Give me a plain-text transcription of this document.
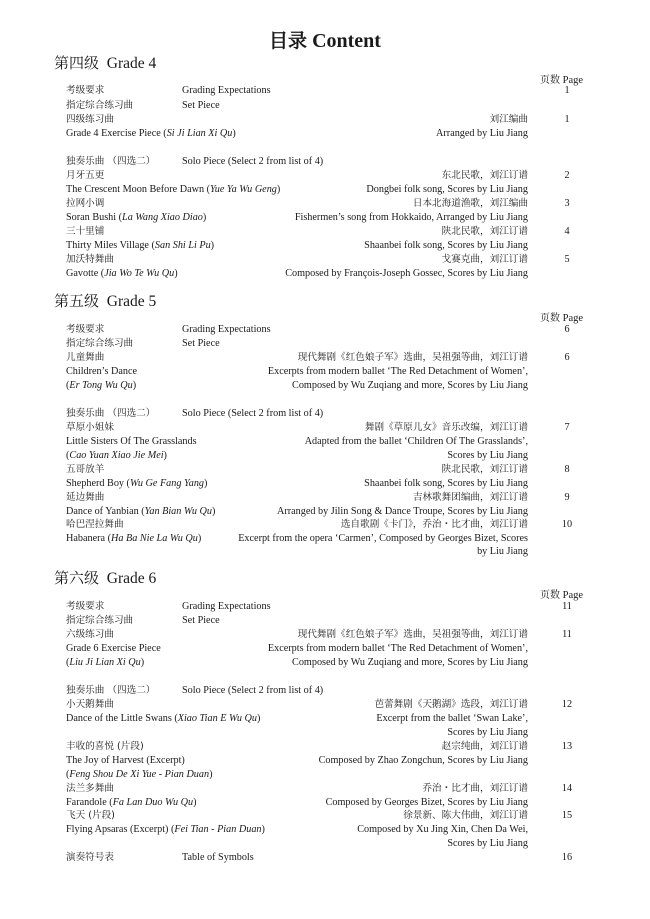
目录 Content
第四级 Grade 4
页数 Page
考级要求	Grading Expectations	1
指定综合练习曲	Set Piece
四级练习曲	刘江编曲	1
Grade 4 Exercise Piece (Si Ji Lian Xi Qu)	Arranged by Liu Jiang
独奏乐曲 （四选二）	Solo Piece (Select 2 from list of 4)
月牙五更	东北民歌，刘江订谱	2
The Crescent Moon Before Dawn (Yue Ya Wu Geng)	Dongbei folk song, Scores by Liu Jiang
拉网小调	日本北海道渔歌，刘江编曲	3
Soran Bushi (La Wang Xiao Diao)	Fishermen’s song from Hokkaido, Arranged by Liu Jiang
三十里铺	陕北民歌，刘江订谱	4
Thirty Miles Village (San Shi Li Pu)	Shaanbei folk song, Scores by Liu Jiang
加沃特舞曲	戈赛克曲，刘江订谱	5
Gavotte (Jia Wo Te Wu Qu)	Composed by François-Joseph Gossec, Scores by Liu Jiang
第五级 Grade 5
页数 Page
考级要求	Grading Expectations	6
指定综合练习曲	Set Piece
儿童舞曲	现代舞剧《红色娘子军》选曲，吴祖强等曲，刘江订谱	6
Children’s Dance	Excerpts from modern ballet ‘The Red Detachment of Women’,
(Er Tong Wu Qu)	Composed by Wu Zuqiang and more, Scores by Liu Jiang
独奏乐曲 （四选二）	Solo Piece (Select 2 from list of 4)
草原小姐妹	舞剧《草原儿女》音乐改编，刘江订谱	7
Little Sisters Of The Grasslands	Adapted from the ballet ‘Children Of The Grasslands’,
(Cao Yuan Xiao Jie Mei)	Scores by Liu Jiang
五哥放羊	陕北民歌，刘江订谱	8
Shepherd Boy (Wu Ge Fang Yang)	Shaanbei folk song, Scores by Liu Jiang
延边舞曲	吉林歌舞团编曲，刘江订谱	9
Dance of Yanbian (Yan Bian Wu Qu)	Arranged by Jilin Song & Dance Troupe, Scores by Liu Jiang
哈巴涅拉舞曲	选自歌剧《卡门》，乔治・比才曲，刘江订谱	10
Habanera (Ha Ba Nie La Wu Qu)	Excerpt from the opera ‘Carmen’, Composed by Georges Bizet, Scores
by Liu Jiang
第六级 Grade 6
页数 Page
考级要求	Grading Expectations	11
指定综合练习曲	Set Piece
六级练习曲	现代舞剧《红色娘子军》选曲，吴祖强等曲，刘江订谱	11
Grade 6 Exercise Piece	Excerpts from modern ballet ‘The Red Detachment of Women’,
(Liu Ji Lian Xi Qu)	Composed by Wu Zuqiang and more, Scores by Liu Jiang
独奏乐曲 （四选二）	Solo Piece (Select 2 from list of 4)
小天鹅舞曲	芭蕾舞剧《天鹅湖》选段，刘江订谱	12
Dance of the Little Swans (Xiao Tian E Wu Qu)	Excerpt from the ballet ‘Swan Lake’,
Scores by Liu Jiang
丰收的喜悦 (片段)	赵宗纯曲，刘江订谱	13
The Joy of Harvest (Excerpt)	Composed by Zhao Zongchun, Scores by Liu Jiang
(Feng Shou De Xi Yue - Pian Duan)
法兰多舞曲	乔治・比才曲，刘江订谱	14
Farandole (Fa Lan Duo Wu Qu)	Composed by Georges Bizet, Scores by Liu Jiang
飞天 (片段)	徐景新、陈大伟曲，刘江订谱	15
Flying Apsaras (Excerpt) (Fei Tian - Pian Duan)	Composed by Xu Jing Xin, Chen Da Wei,
Scores by Liu Jiang
演奏符号表	Table of Symbols	16
